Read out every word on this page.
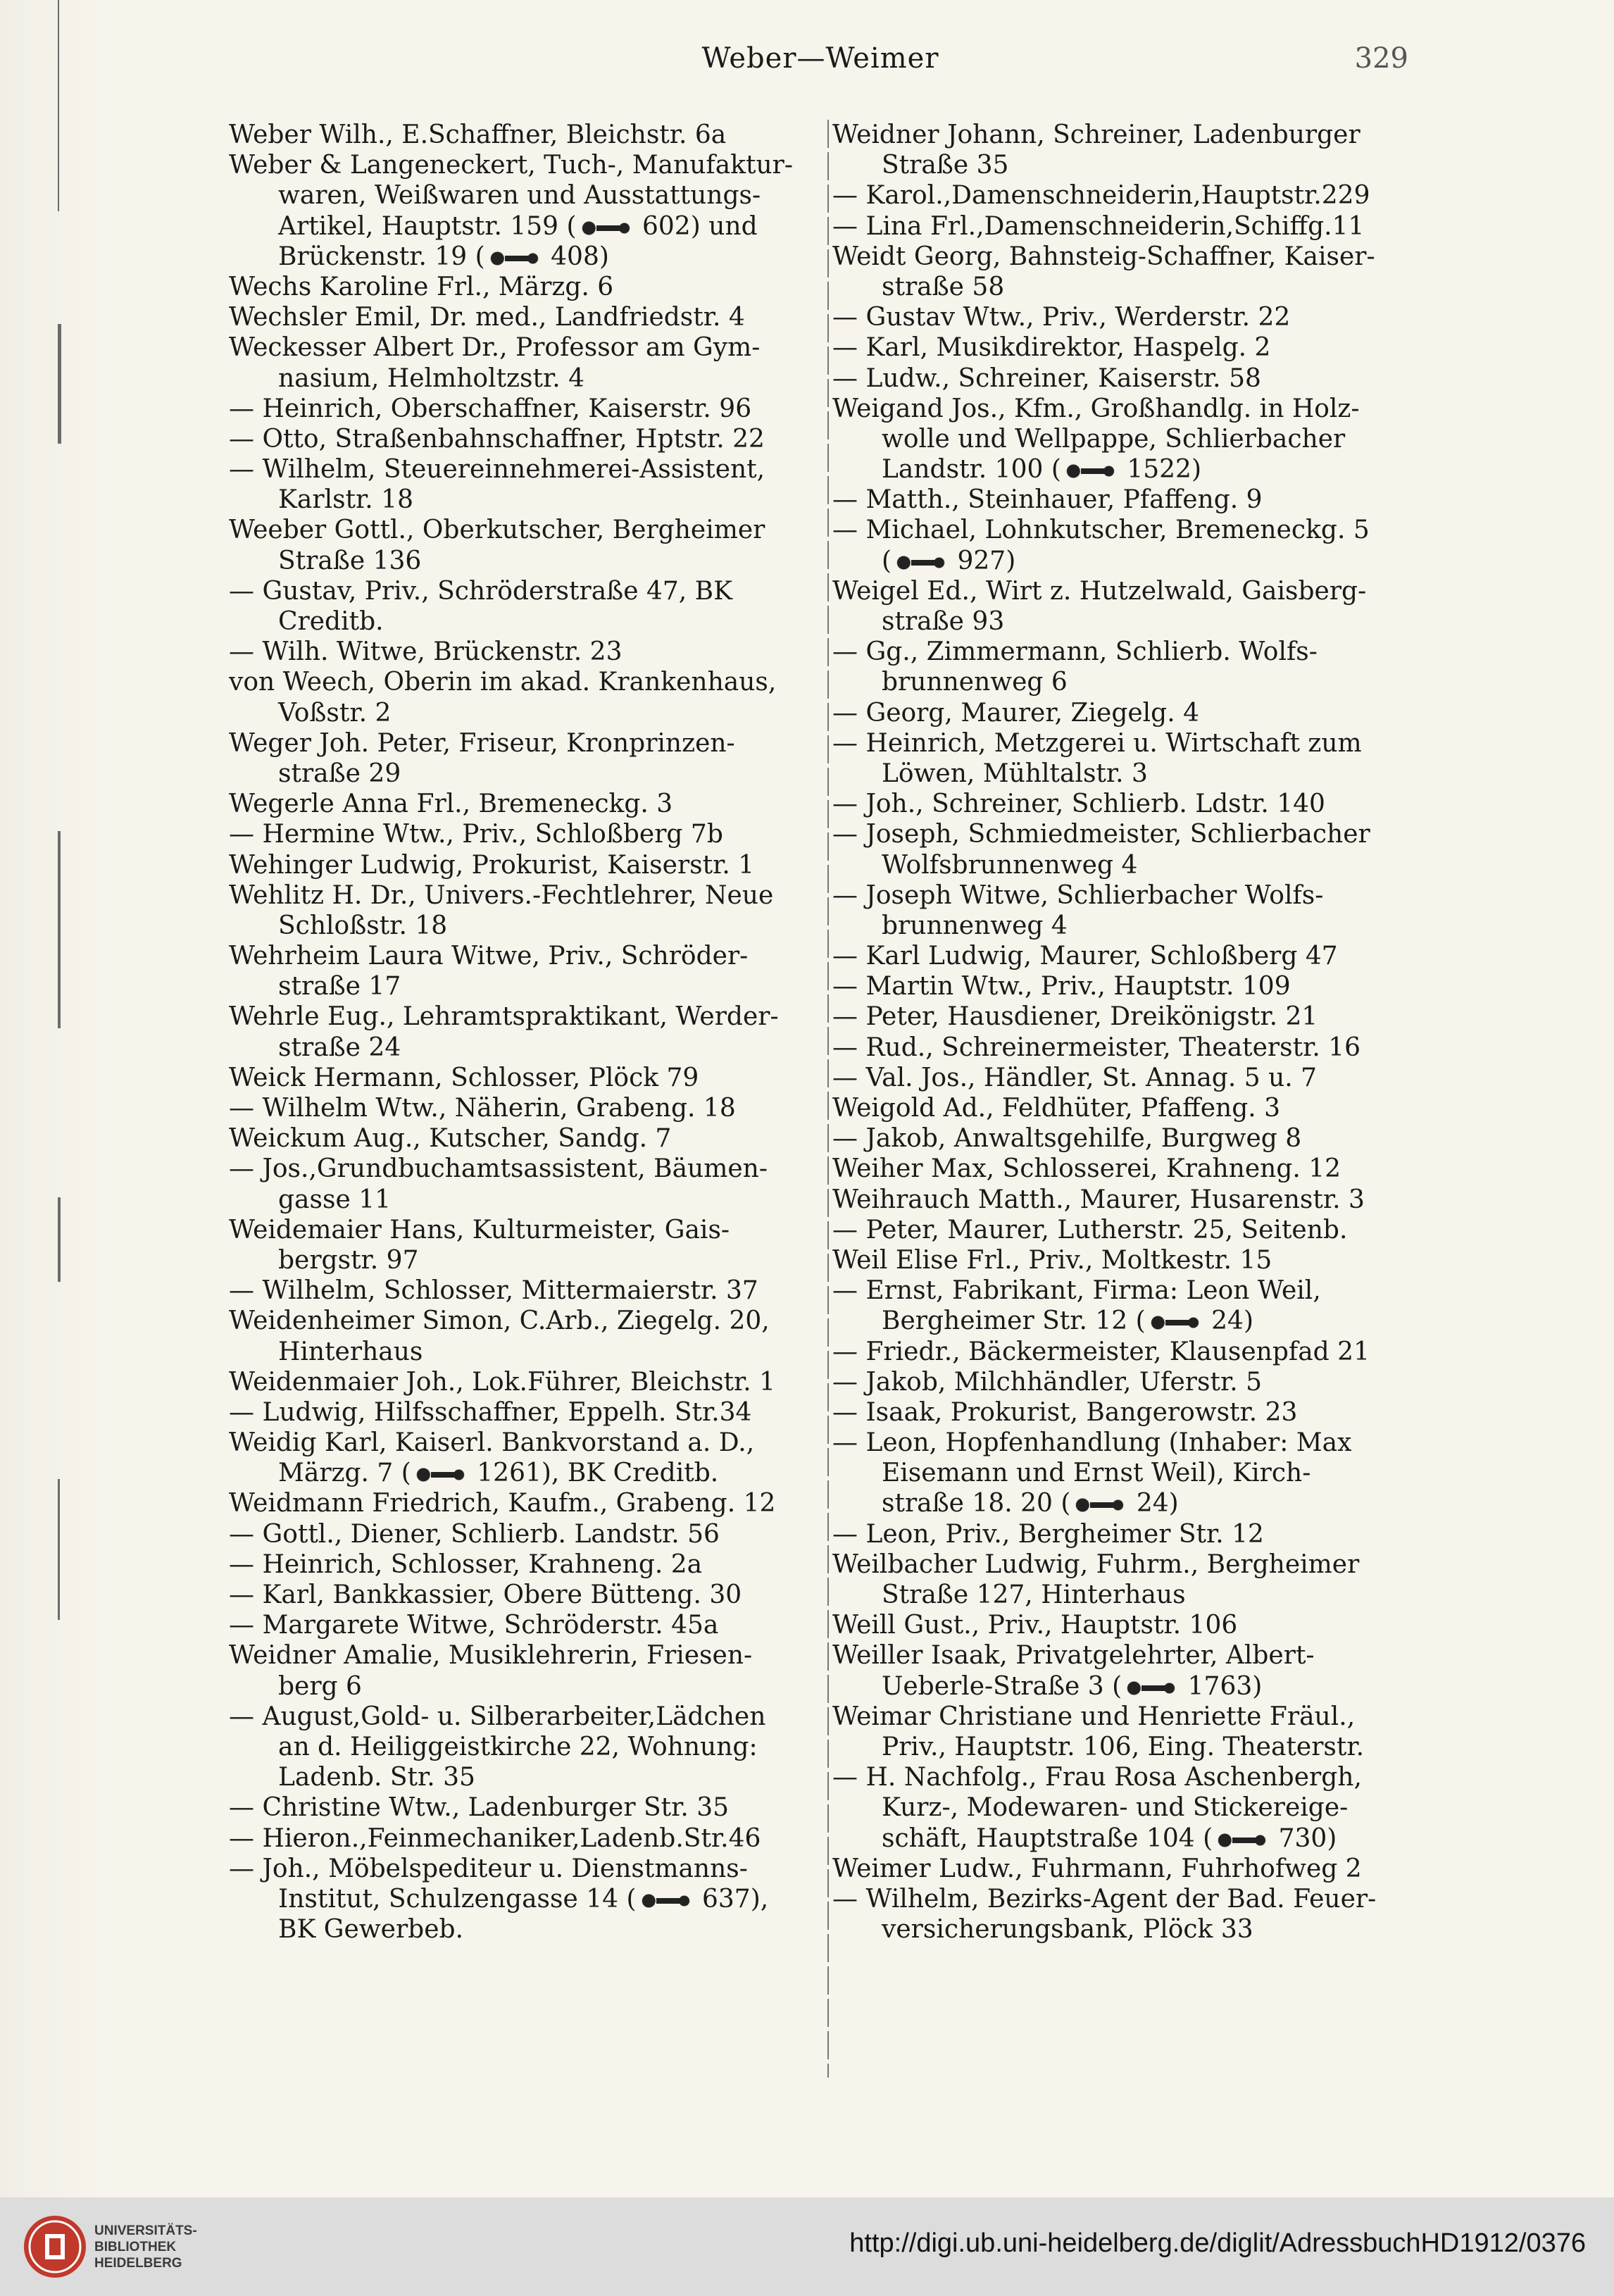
Weber—Weimer	329
Weber Wilh., E.Schaffner, Bleichstr. 6a
Weber & Langeneckert, Tuch-, Manufaktur-
waren, Weißwaren und Ausstattungs-
Artikel, Hauptstr. 159 ( 602) und
Brückenstr. 19 ( 408)
Wechs Karoline Frl., Märzg. 6
Wechsler Emil, Dr. med., Landfriedstr. 4
Weckesser Albert Dr., Professor am Gym-
nasium, Helmholtzstr. 4
— Heinrich, Oberschaffner, Kaiserstr. 96
— Otto, Straßenbahnschaffner, Hptstr. 22
— Wilhelm, Steuereinnehmerei-Assistent,
Karlstr. 18
Weeber Gottl., Oberkutscher, Bergheimer
Straße 136
— Gustav, Priv., Schröderstraße 47, BK
Creditb.
— Wilh. Witwe, Brückenstr. 23
von Weech, Oberin im akad. Krankenhaus,
Voßstr. 2
Weger Joh. Peter, Friseur, Kronprinzen-
straße 29
Wegerle Anna Frl., Bremeneckg. 3
— Hermine Wtw., Priv., Schloßberg 7b
Wehinger Ludwig, Prokurist, Kaiserstr. 1
Wehlitz H. Dr., Univers.-Fechtlehrer, Neue
Schloßstr. 18
Wehrheim Laura Witwe, Priv., Schröder-
straße 17
Wehrle Eug., Lehramtspraktikant, Werder-
straße 24
Weick Hermann, Schlosser, Plöck 79
— Wilhelm Wtw., Näherin, Grabeng. 18
Weickum Aug., Kutscher, Sandg. 7
— Jos.,Grundbuchamtsassistent, Bäumen-
gasse 11
Weidemaier Hans, Kulturmeister, Gais-
bergstr. 97
— Wilhelm, Schlosser, Mittermaierstr. 37
Weidenheimer Simon, C.Arb., Ziegelg. 20,
Hinterhaus
Weidenmaier Joh., Lok.Führer, Bleichstr. 1
— Ludwig, Hilfsschaffner, Eppelh. Str.34
Weidig Karl, Kaiserl. Bankvorstand a. D.,
Märzg. 7 ( 1261), BK Creditb.
Weidmann Friedrich, Kaufm., Grabeng. 12
— Gottl., Diener, Schlierb. Landstr. 56
— Heinrich, Schlosser, Krahneng. 2a
— Karl, Bankkassier, Obere Bütteng. 30
— Margarete Witwe, Schröderstr. 45a
Weidner Amalie, Musiklehrerin, Friesen-
berg 6
— August,Gold- u. Silberarbeiter,Lädchen
an d. Heiliggeistkirche 22, Wohnung:
Ladenb. Str. 35
— Christine Wtw., Ladenburger Str. 35
— Hieron.,Feinmechaniker,Ladenb.Str.46
— Joh., Möbelspediteur u. Dienstmanns-
Institut, Schulzengasse 14 ( 637),
BK Gewerbeb.
Weidner Johann, Schreiner, Ladenburger
Straße 35
— Karol.,Damenschneiderin,Hauptstr.229
— Lina Frl.,Damenschneiderin,Schiffg.11
Weidt Georg, Bahnsteig-Schaffner, Kaiser-
straße 58
— Gustav Wtw., Priv., Werderstr. 22
— Karl, Musikdirektor, Haspelg. 2
— Ludw., Schreiner, Kaiserstr. 58
Weigand Jos., Kfm., Großhandlg. in Holz-
wolle und Wellpappe, Schlierbacher
Landstr. 100 ( 1522)
— Matth., Steinhauer, Pfaffeng. 9
— Michael, Lohnkutscher, Bremeneckg. 5
( 927)
Weigel Ed., Wirt z. Hutzelwald, Gaisberg-
straße 93
— Gg., Zimmermann, Schlierb. Wolfs-
brunnenweg 6
— Georg, Maurer, Ziegelg. 4
— Heinrich, Metzgerei u. Wirtschaft zum
Löwen, Mühltalstr. 3
— Joh., Schreiner, Schlierb. Ldstr. 140
— Joseph, Schmiedmeister, Schlierbacher
Wolfsbrunnenweg 4
— Joseph Witwe, Schlierbacher Wolfs-
brunnenweg 4
— Karl Ludwig, Maurer, Schloßberg 47
— Martin Wtw., Priv., Hauptstr. 109
— Peter, Hausdiener, Dreikönigstr. 21
— Rud., Schreinermeister, Theaterstr. 16
— Val. Jos., Händler, St. Annag. 5 u. 7
Weigold Ad., Feldhüter, Pfaffeng. 3
— Jakob, Anwaltsgehilfe, Burgweg 8
Weiher Max, Schlosserei, Krahneng. 12
Weihrauch Matth., Maurer, Husarenstr. 3
— Peter, Maurer, Lutherstr. 25, Seitenb.
Weil Elise Frl., Priv., Moltkestr. 15
— Ernst, Fabrikant, Firma: Leon Weil,
Bergheimer Str. 12 ( 24)
— Friedr., Bäckermeister, Klausenpfad 21
— Jakob, Milchhändler, Uferstr. 5
— Isaak, Prokurist, Bangerowstr. 23
— Leon, Hopfenhandlung (Inhaber: Max
Eisemann und Ernst Weil), Kirch-
straße 18. 20 ( 24)
— Leon, Priv., Bergheimer Str. 12
Weilbacher Ludwig, Fuhrm., Bergheimer
Straße 127, Hinterhaus
Weill Gust., Priv., Hauptstr. 106
Weiller Isaak, Privatgelehrter, Albert-
Ueberle-Straße 3 ( 1763)
Weimar Christiane und Henriette Fräul.,
Priv., Hauptstr. 106, Eing. Theaterstr.
— H. Nachfolg., Frau Rosa Aschenbergh,
Kurz-, Modewaren- und Stickereige-
schäft, Hauptstraße 104 ( 730)
Weimer Ludw., Fuhrmann, Fuhrhofweg 2
— Wilhelm, Bezirks-Agent der Bad. Feuer-
versicherungsbank, Plöck 33
UNIVERSITÄTS-
BIBLIOTHEK
HEIDELBERG
http://digi.ub.uni-heidelberg.de/diglit/AdressbuchHD1912/0376
